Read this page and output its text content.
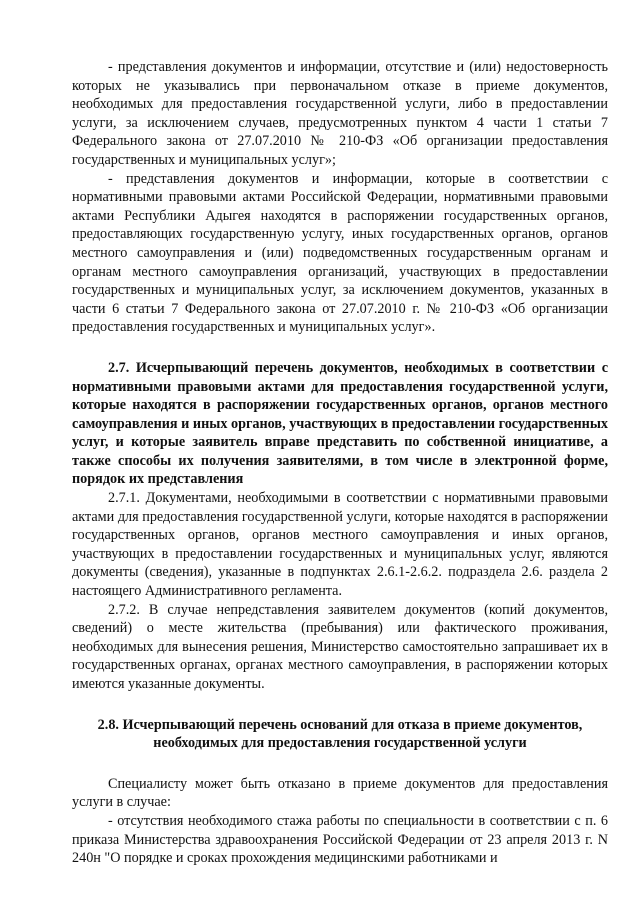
- представления документов и информации, отсутствие и (или) недостоверность которых не указывались при первоначальном отказе в приеме документов, необходимых для предоставления государственной услуги, либо в предоставлении услуги, за исключением случаев, предусмотренных пунктом 4 части 1 статьи 7 Федерального закона от 27.07.2010 № 210-ФЗ «Об организации предоставления государственных и муниципальных услуг»;

- представления документов и информации, которые в соответствии с нормативными правовыми актами Российской Федерации, нормативными правовыми актами Республики Адыгея находятся в распоряжении государственных органов, предоставляющих государственную услугу, иных государственных органов, органов местного самоуправления и (или) подведомственных государственным органам и органам местного самоуправления организаций, участвующих в предоставлении государственных и муниципальных услуг, за исключением документов, указанных в части 6 статьи 7 Федерального закона от 27.07.2010 г. № 210-ФЗ «Об организации предоставления государственных и муниципальных услуг».

2.7. Исчерпывающий перечень документов, необходимых в соответствии с нормативными правовыми актами для предоставления государственной услуги, которые находятся в распоряжении государственных органов, органов местного самоуправления и иных органов, участвующих в предоставлении государственных услуг, и которые заявитель вправе представить по собственной инициативе, а также способы их получения заявителями, в том числе в электронной форме, порядок их представления

2.7.1. Документами, необходимыми в соответствии с нормативными правовыми актами для предоставления государственной услуги, которые находятся в распоряжении государственных органов, органов местного самоуправления и иных органов, участвующих в предоставлении государственных и муниципальных услуг, являются документы (сведения), указанные в подпунктах 2.6.1-2.6.2. подраздела 2.6. раздела 2 настоящего Административного регламента.

2.7.2. В случае непредставления заявителем документов (копий документов, сведений) о месте жительства (пребывания) или фактического проживания, необходимых для вынесения решения, Министерство самостоятельно запрашивает их в государственных органах, органах местного самоуправления, в распоряжении которых имеются указанные документы.

2.8. Исчерпывающий перечень оснований для отказа в приеме документов, необходимых для предоставления государственной услуги

Специалисту может быть отказано в приеме документов для предоставления услуги в случае:

- отсутствия необходимого стажа работы по специальности в соответствии с п. 6 приказа Министерства здравоохранения Российской Федерации от 23 апреля 2013 г. N 240н "О порядке и сроках прохождения медицинскими работниками и
